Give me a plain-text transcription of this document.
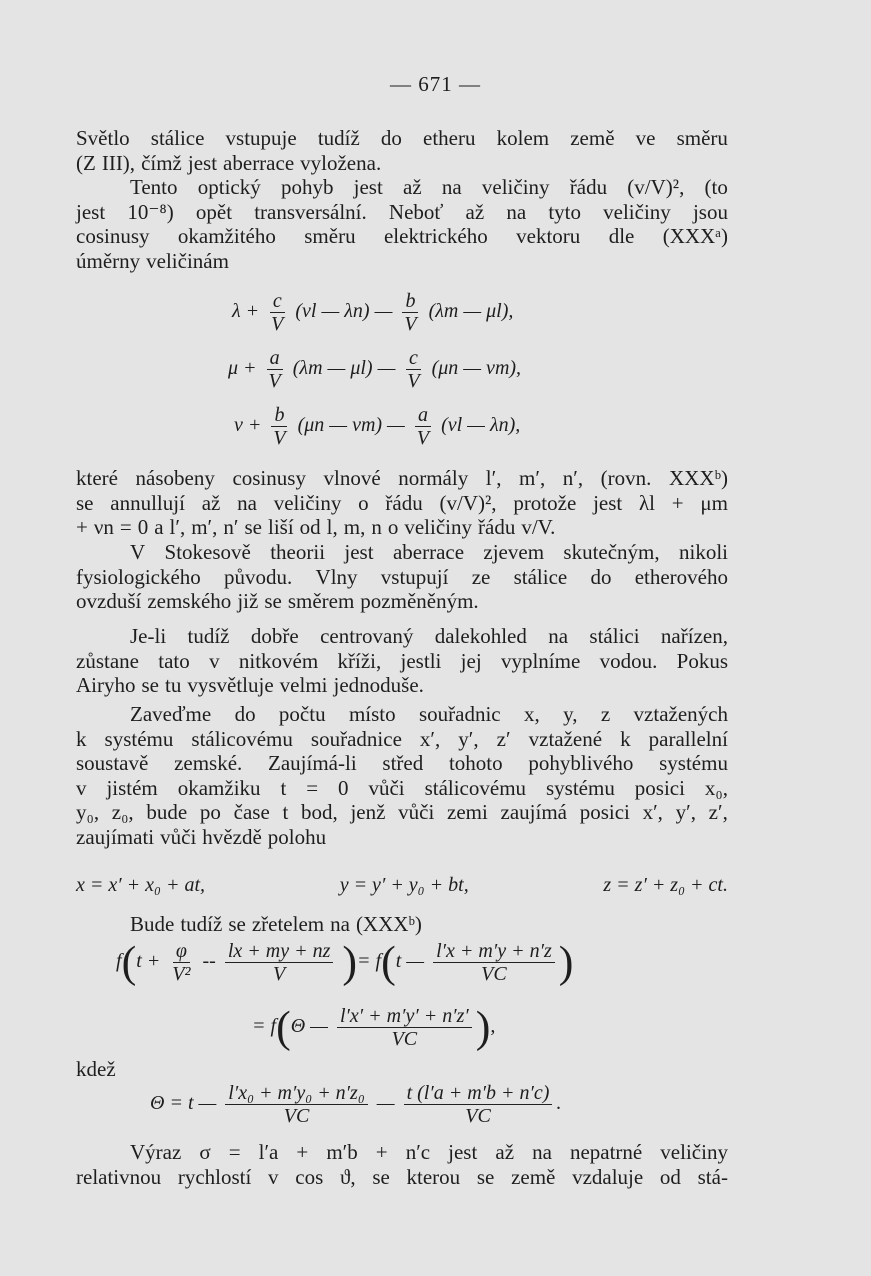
— 671 —
Světlo stálice vstupuje tudíž do etheru kolem země ve směru
(Z III), čímž jest aberrace vyložena.
Tento optický pohyb jest až na veličiny řádu (v/V)², (to
jest 10⁻⁸) opět transversální. Neboť až na tyto veličiny jsou
cosinusy okamžitého směru elektrického vektoru dle (XXXᵃ)
úměrny veličinám
$\lambda + \frac{c}{V} (\nu l$ — λn) — $\frac{b}{V} (\lambda m$ — μl),
$\mu + \frac{a}{V} (\lambda m$ — μl) — $\frac{c}{V} (\mu n$ — νm),
$\nu + \frac{b}{V} (\mu n$ — νm) — $\frac{a}{V} (\nu l$ — λn),
které násobeny cosinusy vlnové normály l′, m′, n′, (rovn. XXXᵇ)
se annullují až na veličiny o řádu (v/V)², protože jest λl + μm
+ νn = 0 a l′, m′, n′ se liší od l, m, n o veličiny řádu v/V.
V Stokesově theorii jest aberrace zjevem skutečným, nikoli
fysiologického původu. Vlny vstupují ze stálice do etherového
ovzduší zemského již se směrem pozměněným.
Je-li tudíž dobře centrovaný dalekohled na stálici nařízen,
zůstane tato v nitkovém kříži, jestli jej vyplníme vodou. Pokus
Airyho se tu vysvětluje velmi jednoduše.
Zaveďme do počtu místo souřadnic x, y, z vztažených
k systému stálicovému souřadnice x′, y′, z′ vztažené k parallelní
soustavě zemské. Zaujímá-li střed tohoto pohyblivého systému
v jistém okamžiku t = 0 vůči stálicovému systému posici x₀,
y₀, z₀, bude po čase t bod, jenž vůči zemi zaujímá posici x′, y′, z′,
zaujímati vůči hvězdě polohu
x = x′ + x₀ + at,	y = y′ + y₀ + bt,	z = z′ + z₀ + ct.
Bude tudíž se zřetelem na (XXXᵇ)
$f(t + \frac{\varphi}{\text{V²}} -- \frac{lx + my + nz}{V}$ )= f(t — $\frac{l'x + m'y + n'z}{VC}$ )
= f(Θ — $\frac{l'x' + m'y' + n'z'}{VC}$ ),
kdež
Θ = t — $\frac{\text{l′x₀ + m′y₀ + n′z₀}}{VC}$ — $\frac{t (l'a + m'b + n'c)}{VC}$ .
Výraz σ = l′a + m′b + n′c jest až na nepatrné veličiny
relativnou rychlostí v cos ϑ, se kterou se země vzdaluje od stá-
